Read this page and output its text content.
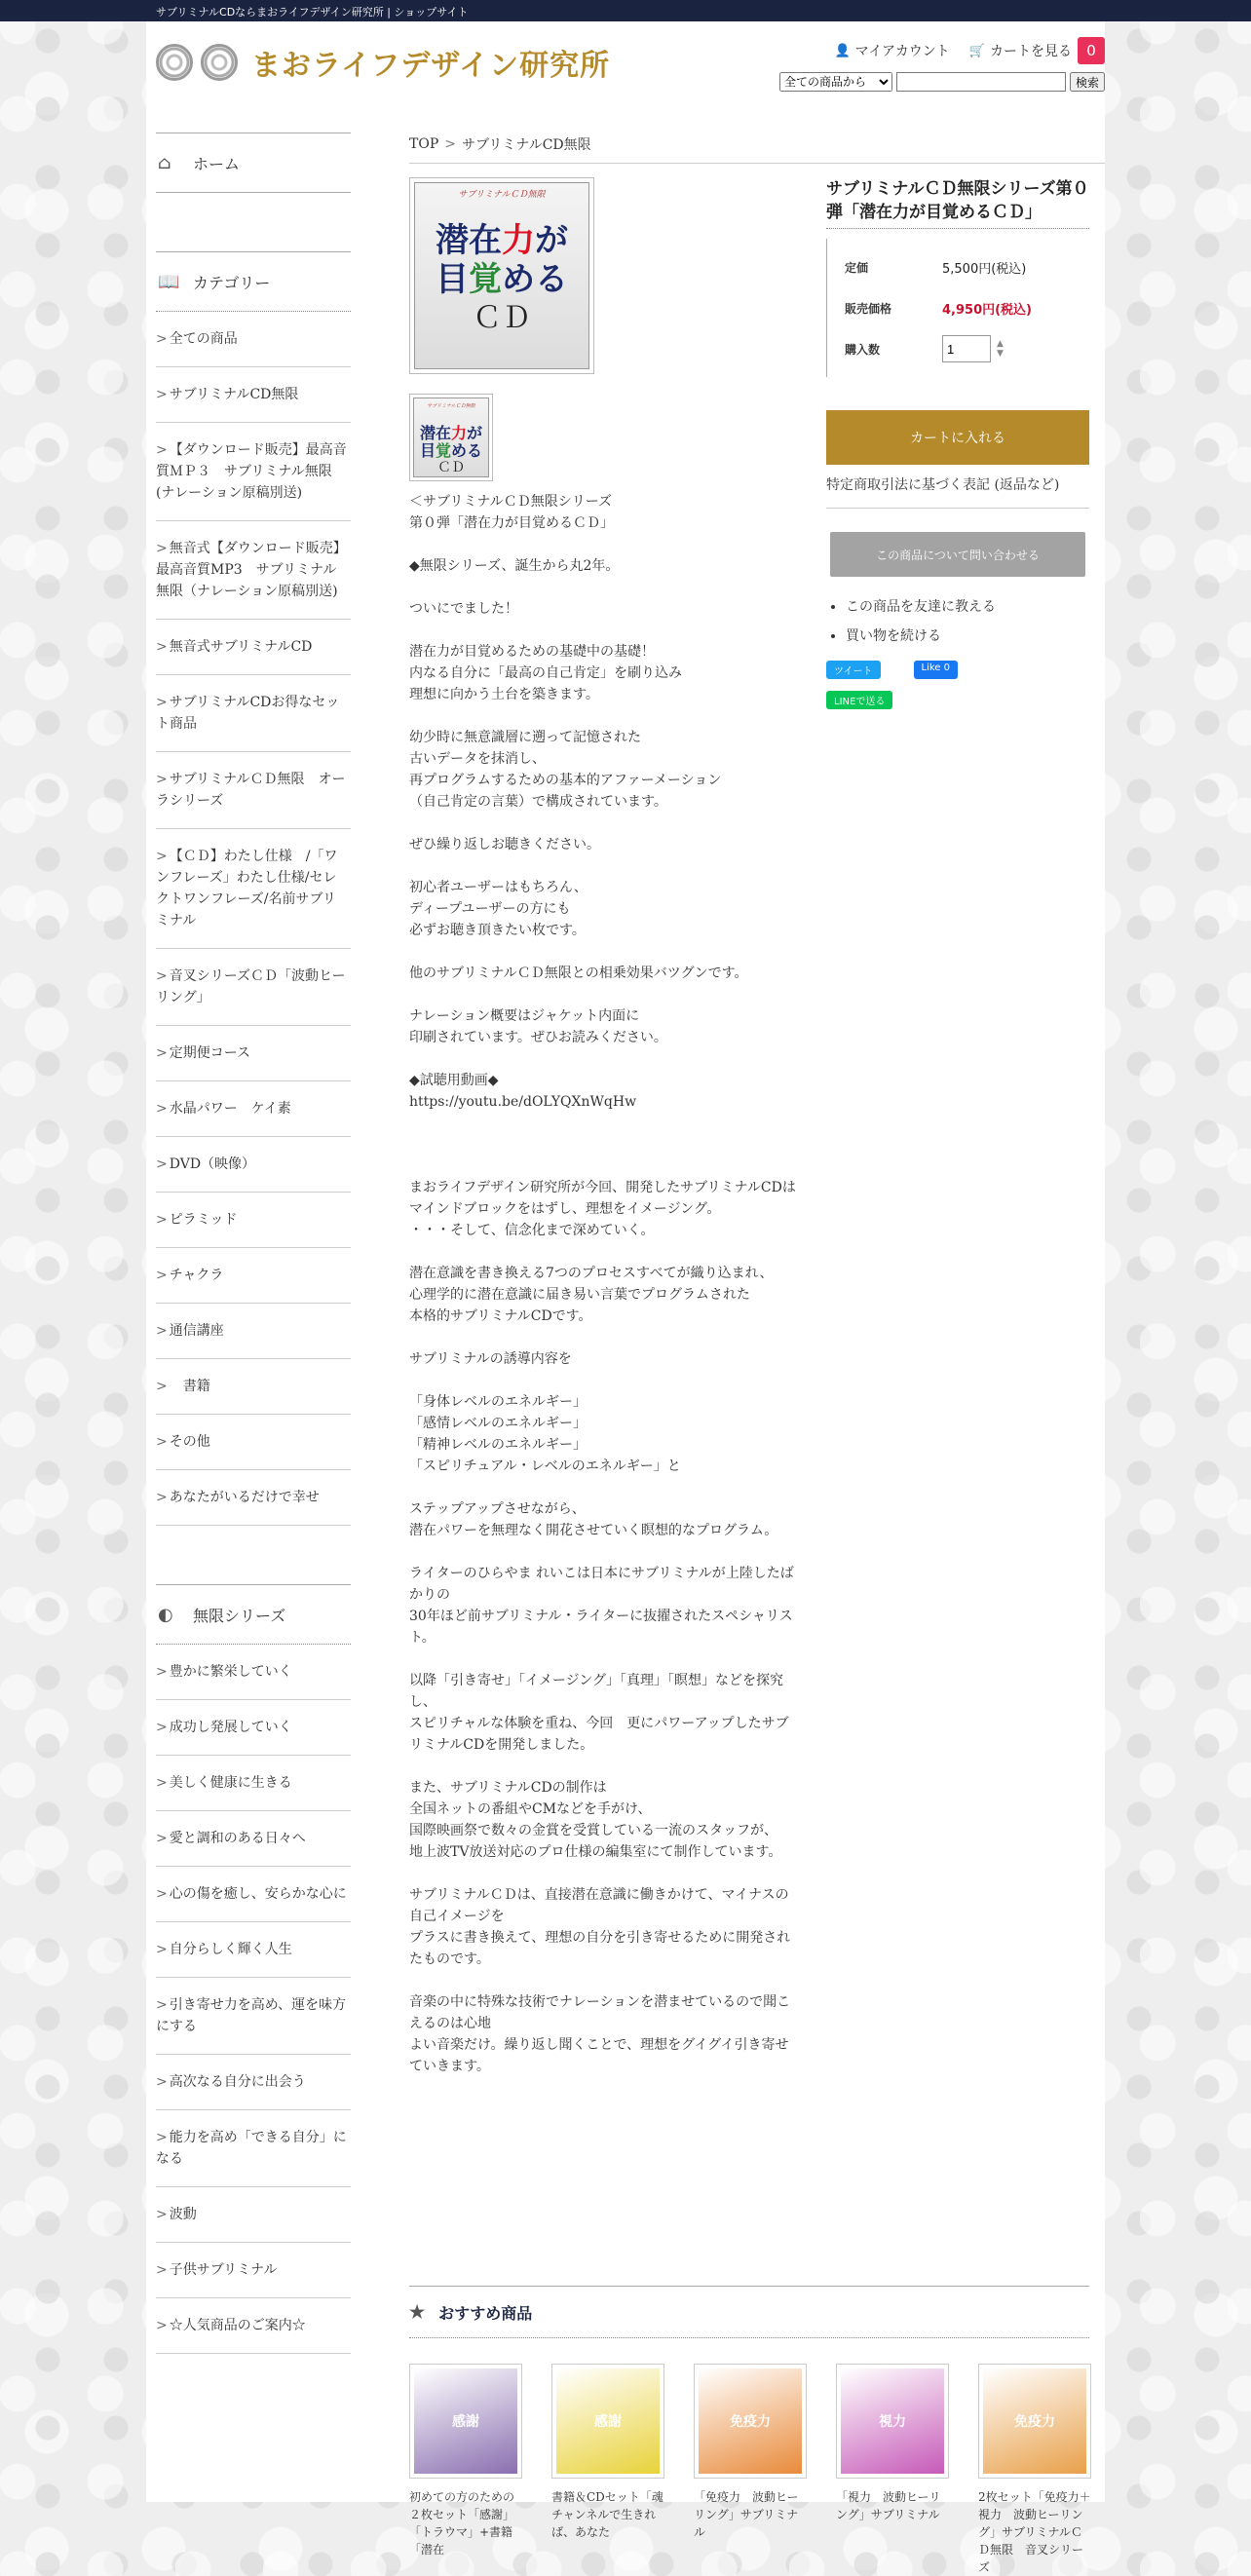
サブリミナルCDならまおライフデザイン研究所 | ショップサイト
まおライフデザイン研究所	👤 マイアカウント 🛒 カートを見る	0
全ての商品から
検索
⌂	ホーム
📖 カテゴリー
> 全ての商品
> サブリミナルCD無限
> 【ダウンロード販売】最高音質ＭＰ３　サブリミナル無限(ナレーション原稿別送)
> 無音式【ダウンロード販売】　最高音質MP3　サブリミナル無限（ナレーション原稿別送)
> 無音式サブリミナルCD
> サブリミナルCDお得なセット商品
> サブリミナルＣＤ無限　オーラシリーズ
> 【ＣＤ】わたし仕様　/「ワンフレーズ」わたし仕様/セレクトワンフレーズ/名前サブリミナル
> 音叉シリーズＣＤ「波動ヒーリング」
> 定期便コース
> 水晶パワー　ケイ素
> DVD（映像）
> ピラミッド
> チャクラ
> 通信講座
>　書籍
> その他
> あなたがいるだけで幸せ
◐	無限シリーズ
> 豊かに繁栄していく
> 成功し発展していく
> 美しく健康に生きる
> 愛と調和のある日々へ
> 心の傷を癒し、安らかな心に
> 自分らしく輝く人生
> 引き寄せ力を高め、運を味方にする
> 高次なる自分に出会う
> 能力を高め「できる自分」になる
> 波動
> 子供サブリミナル
> ☆人気商品のご案内☆
TOP > サブリミナルCD無限
サブリミナルＣＤ無限
潜在力が
目覚める
ＣＤ
サブリミナルＣＤ無限
潜在力が
目覚める
ＣＤ
＜サブリミナルＣＤ無限シリーズ
第０弾「潜在力が目覚めるＣＤ」

◆無限シリーズ、誕生から丸2年。

ついにでました！

潜在力が目覚めるための基礎中の基礎！
内なる自分に「最高の自己肯定」を刷り込み
理想に向かう土台を築きます。

幼少時に無意識層に遡って記憶された
古いデータを抹消し、
再プログラムするための基本的アファーメーション
（自己肯定の言葉）で構成されています。

ぜひ繰り返しお聴きください。

初心者ユーザーはもちろん、
ディープユーザーの方にも
必ずお聴き頂きたい枚です。

他のサブリミナルＣＤ無限との相乗効果バツグンです。

ナレーション概要はジャケット内面に
印刷されています。ぜひお読みください。

◆試聴用動画◆
https://youtu.be/dOLYQXnWqHw

まおライフデザイン研究所が今回、開発したサブリミナルCDは
マインドブロックをはずし、理想をイメージング。
・・・そして、信念化まで深めていく。

潜在意識を書き換える7つのプロセスすべてが織り込まれ、
心理学的に潜在意識に届き易い言葉でプログラムされた
本格的サブリミナルCDです。

サブリミナルの誘導内容を

「身体レベルのエネルギー」
「感情レベルのエネルギー」
「精神レベルのエネルギー」
「スピリチュアル・レベルのエネルギー」と

ステップアップさせながら、
潜在パワーを無理なく開花させていく瞑想的なプログラム。

ライターのひらやま れいこは日本にサブリミナルが上陸したばかりの
30年ほど前サブリミナル・ライターに抜擢されたスペシャリスト。

以降「引き寄せ」「イメージング」「真理」「瞑想」などを探究し、
スピリチャルな体験を重ね、今回　更にパワーアップしたサブリミナルCDを開発しました。

また、サブリミナルCDの制作は
全国ネットの番組やCMなどを手がけ、
国際映画祭で数々の金賞を受賞している一流のスタッフが、
地上波TV放送対応のプロ仕様の編集室にて制作しています。

サブリミナルＣＤは、直接潜在意識に働きかけて、マイナスの自己イメージを
プラスに書き換えて、理想の自分を引き寄せるために開発されたものです。

音楽の中に特殊な技術でナレーションを潜ませているので聞こえるのは心地
よい音楽だけ。繰り返し聞くことで、理想をグイグイ引き寄せていきます。
サブリミナルＣＤ無限シリーズ第０弾「潜在力が目覚めるＣＤ」
定価	5,500円(税込)
販売価格	4,950円(税込)
購入数
1	▲
▼
カートに入れる
特定商取引法に基づく表記 (返品など)
この商品について問い合わせる
• この商品を友達に教える
• 買い物を続ける
ツイート	Like 0
LINEで送る
★ おすすめ商品
感謝
初めての方のための２枚セット「感謝」「トラウマ」+書籍「潜在
感謝
書籍＆CDセット「魂チャンネルで生きれば、あなた
免疫力
「免疫力　波動ヒーリング」サブリミナル
視力
「視力　波動ヒーリング」サブリミナル
免疫力
2枚セット「免疫力＋視力　波動ヒーリング」サブリミナルＣＤ無限　音叉シリーズ
